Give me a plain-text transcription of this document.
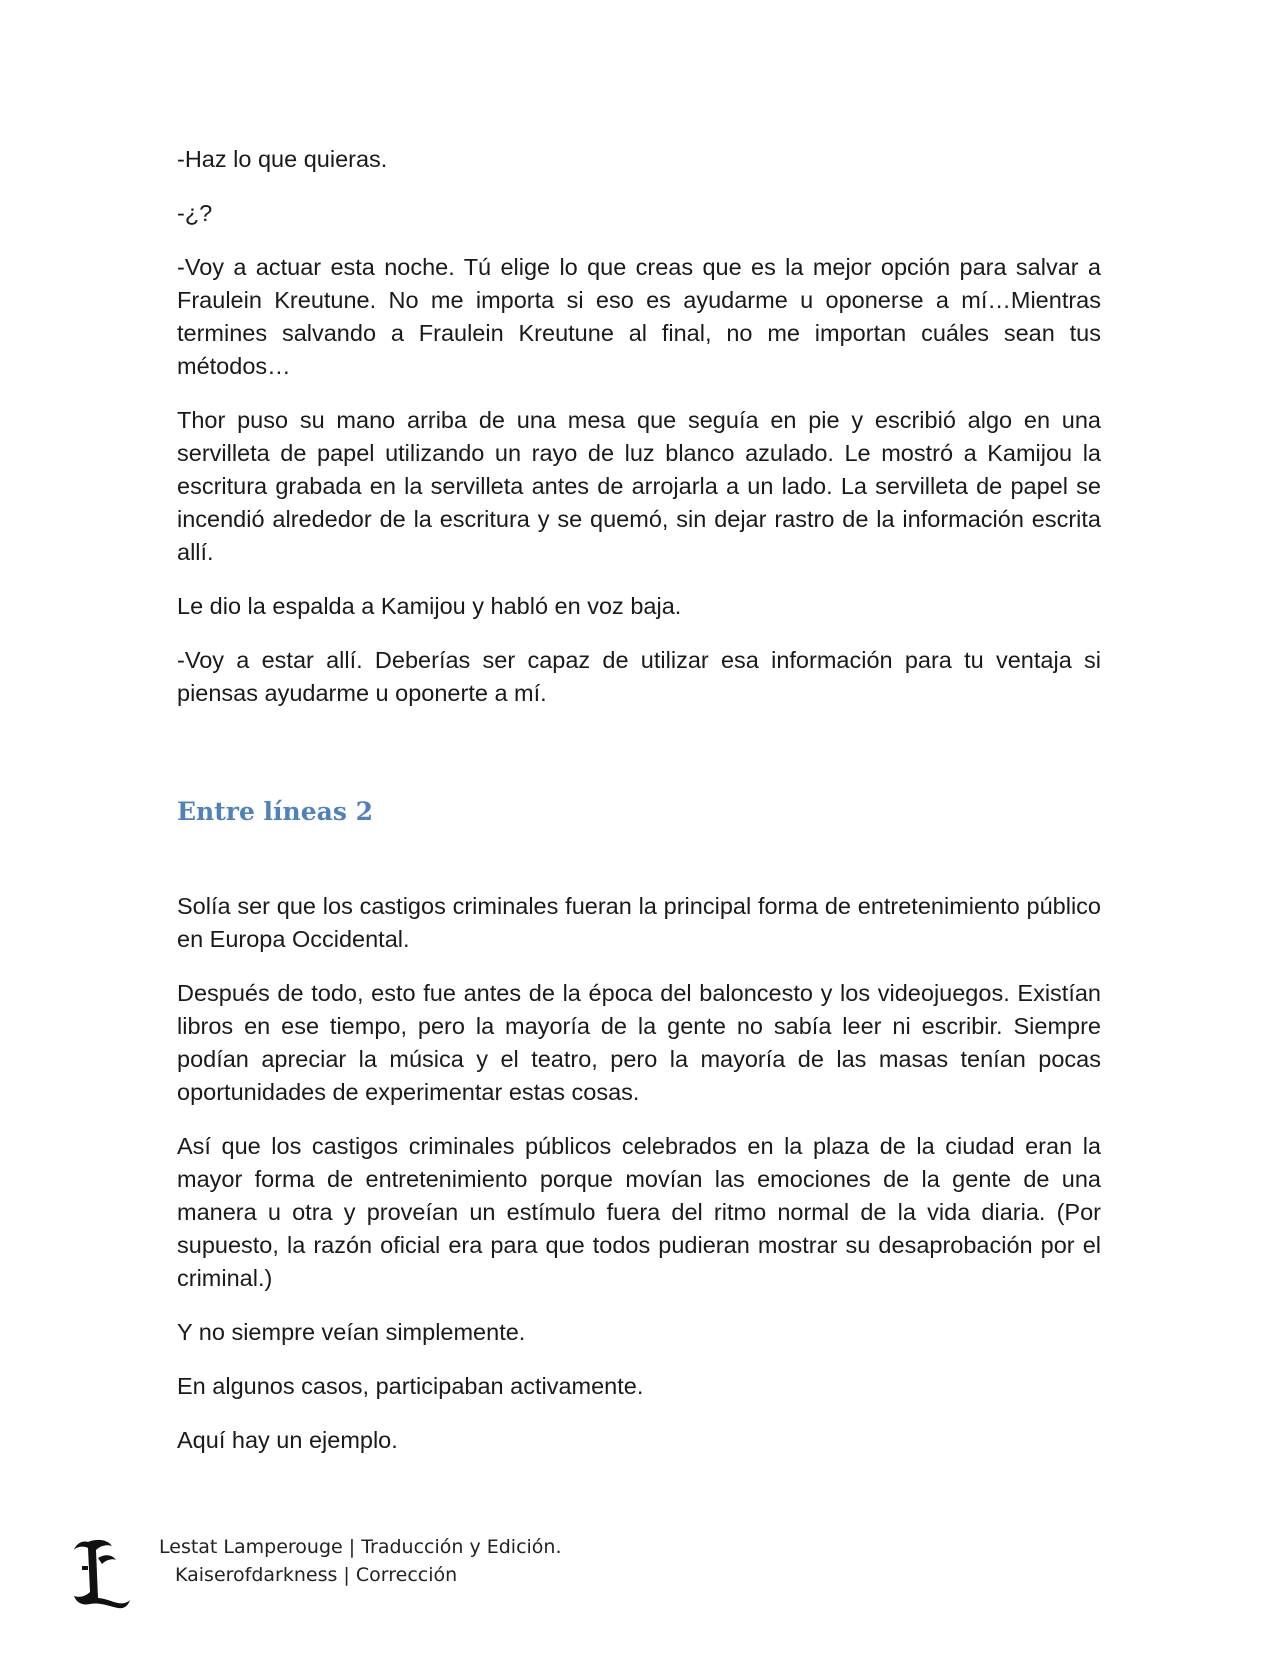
-Haz lo que quieras.

-¿?

-Voy a actuar esta noche. Tú elige lo que creas que es la mejor opción para salvar a Fraulein Kreutune. No me importa si eso es ayudarme u oponerse a mí…Mientras termines salvando a Fraulein Kreutune al final, no me importan cuáles sean tus métodos…

Thor puso su mano arriba de una mesa que seguía en pie y escribió algo en una servilleta de papel utilizando un rayo de luz blanco azulado. Le mostró a Kamijou la escritura grabada en la servilleta antes de arrojarla a un lado. La servilleta de papel se incendió alrededor de la escritura y se quemó, sin dejar rastro de la información escrita allí.

Le dio la espalda a Kamijou y habló en voz baja.

-Voy a estar allí. Deberías ser capaz de utilizar esa información para tu ventaja si piensas ayudarme u oponerte a mí.

Entre líneas 2

Solía ser que los castigos criminales fueran la principal forma de entretenimiento público en Europa Occidental.

Después de todo, esto fue antes de la época del baloncesto y los videojuegos. Existían libros en ese tiempo, pero la mayoría de la gente no sabía leer ni escribir. Siempre podían apreciar la música y el teatro, pero la mayoría de las masas tenían pocas oportunidades de experimentar estas cosas.

Así que los castigos criminales públicos celebrados en la plaza de la ciudad eran la mayor forma de entretenimiento porque movían las emociones de la gente de una manera u otra y proveían un estímulo fuera del ritmo normal de la vida diaria. (Por supuesto, la razón oficial era para que todos pudieran mostrar su desaprobación por el criminal.)

Y no siempre veían simplemente.

En algunos casos, participaban activamente.

Aquí hay un ejemplo.

Lestat Lamperouge | Traducción y Edición.
Kaiserofdarkness | Corrección
